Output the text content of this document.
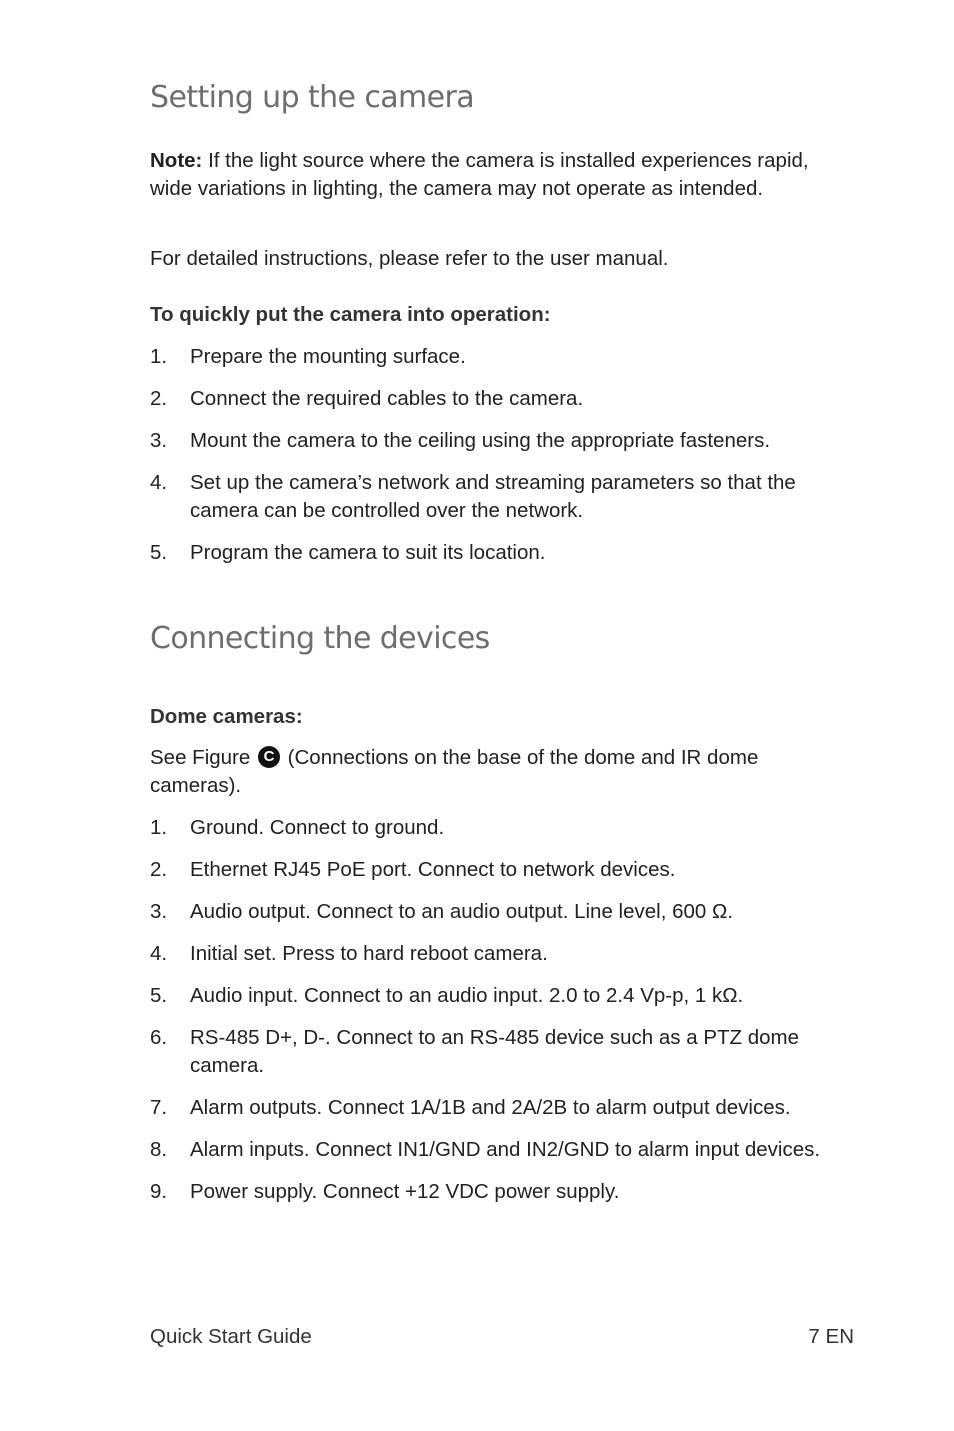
Setting up the camera

Note: If the light source where the camera is installed experiences rapid, wide variations in lighting, the camera may not operate as intended.

For detailed instructions, please refer to the user manual.

To quickly put the camera into operation:

1. Prepare the mounting surface.
2. Connect the required cables to the camera.
3. Mount the camera to the ceiling using the appropriate fasteners.
4. Set up the camera’s network and streaming parameters so that the camera can be controlled over the network.
5. Program the camera to suit its location.
Connecting the devices

Dome cameras:

See Figure C (Connections on the base of the dome and IR dome cameras).

1. Ground. Connect to ground.
2. Ethernet RJ45 PoE port. Connect to network devices.
3. Audio output. Connect to an audio output. Line level, 600 Ω.
4. Initial set. Press to hard reboot camera.
5. Audio input. Connect to an audio input. 2.0 to 2.4 Vp-p, 1 kΩ.
6. RS-485 D+, D-. Connect to an RS-485 device such as a PTZ dome camera.
7. Alarm outputs. Connect 1A/1B and 2A/2B to alarm output devices.
8. Alarm inputs. Connect IN1/GND and IN2/GND to alarm input devices.
9. Power supply. Connect +12 VDC power supply.
Quick Start Guide	7 EN
